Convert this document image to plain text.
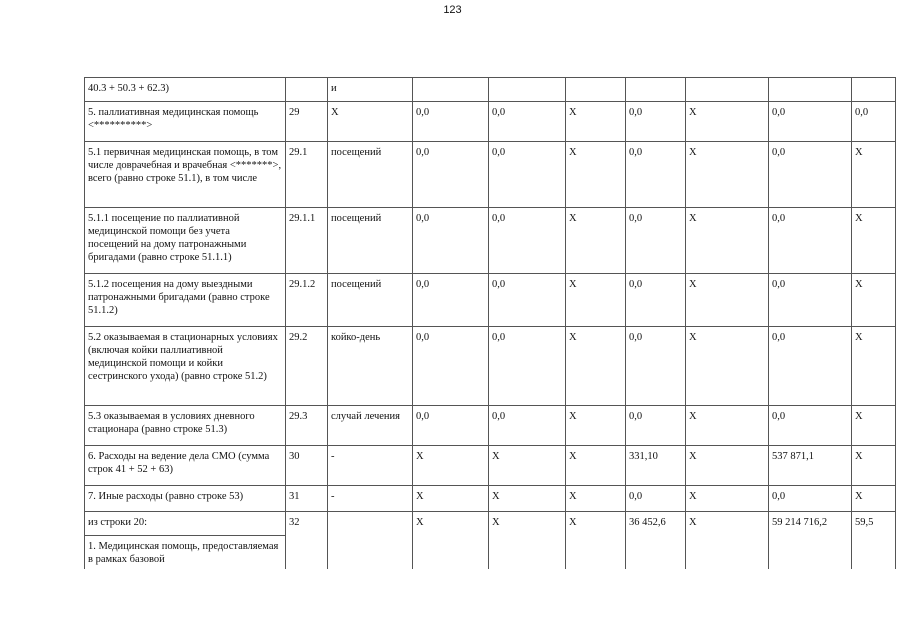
123
40.3 + 50.3 + 62.3)		и							
5. паллиативная медицинская помощь <**********>	29	Х	0,0	0,0	Х	0,0	Х	0,0	0,0
5.1 первичная медицинская помощь, в том числе доврачебная и врачебная <*******>, всего (равно строке 51.1), в том числе	29.1	посещений	0,0	0,0	Х	0,0	Х	0,0	Х
5.1.1 посещение по паллиативной медицинской помощи без учета посещений на дому патронажными бригадами (равно строке 51.1.1)	29.1.1	посещений	0,0	0,0	Х	0,0	Х	0,0	Х
5.1.2 посещения на дому выездными патронажными бригадами (равно строке 51.1.2)	29.1.2	посещений	0,0	0,0	Х	0,0	Х	0,0	Х
5.2 оказываемая в стационарных условиях (включая койки паллиативной медицинской помощи и койки сестринского ухода) (равно строке 51.2)	29.2	койко-день	0,0	0,0	Х	0,0	Х	0,0	Х
5.3 оказываемая в условиях дневного стационара (равно строке 51.3)	29.3	случай лечения	0,0	0,0	Х	0,0	Х	0,0	Х
6. Расходы на ведение дела СМО (сумма строк 41 + 52 + 63)	30	-	Х	Х	Х	331,10	Х	537 871,1	Х
7. Иные расходы (равно строке 53)	31	-	Х	Х	Х	0,0	Х	0,0	Х
из строки 20:	32		Х	Х	Х	36 452,6	Х	59 214 716,2	59,5
1. Медицинская помощь, предоставляемая в рамках базовой									
